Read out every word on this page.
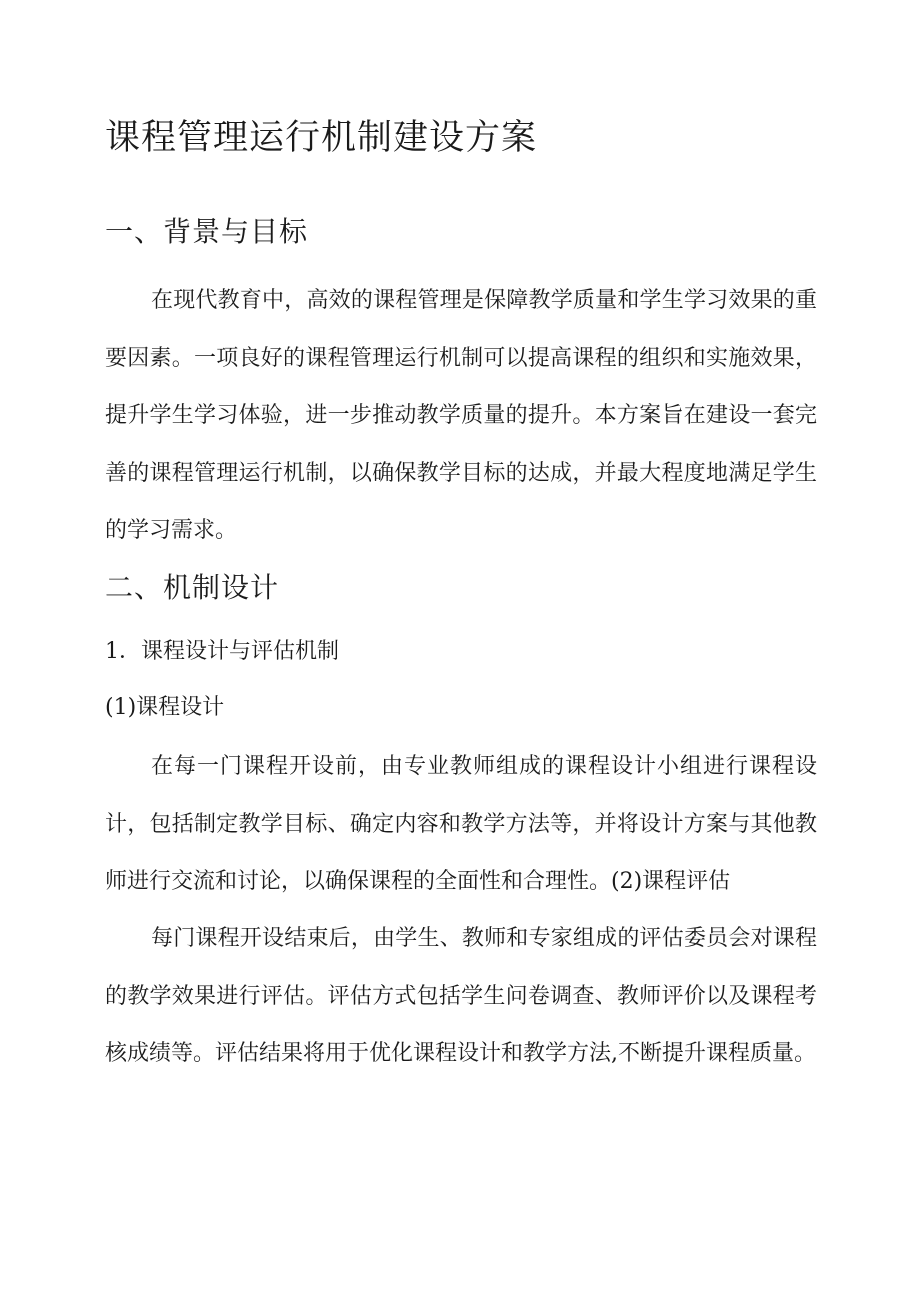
课程管理运行机制建设方案
一、背景与目标

在现代教育中，高效的课程管理是保障教学质量和学生学习效果的重要因素。一项良好的课程管理运行机制可以提高课程的组织和实施效果，提升学生学习体验，进一步推动教学质量的提升。本方案旨在建设一套完善的课程管理运行机制，以确保教学目标的达成，并最大程度地满足学生的学习需求。

二、机制设计
1．课程设计与评估机制
(1)课程设计

在每一门课程开设前，由专业教师组成的课程设计小组进行课程设计，包括制定教学目标、确定内容和教学方法等，并将设计方案与其他教师进行交流和讨论，以确保课程的全面性和合理性。(2)课程评估

每门课程开设结束后，由学生、教师和专家组成的评估委员会对课程的教学效果进行评估。评估方式包括学生问卷调查、教师评价以及课程考核成绩等。评估结果将用于优化课程设计和教学方法,不断提升课程质量。
